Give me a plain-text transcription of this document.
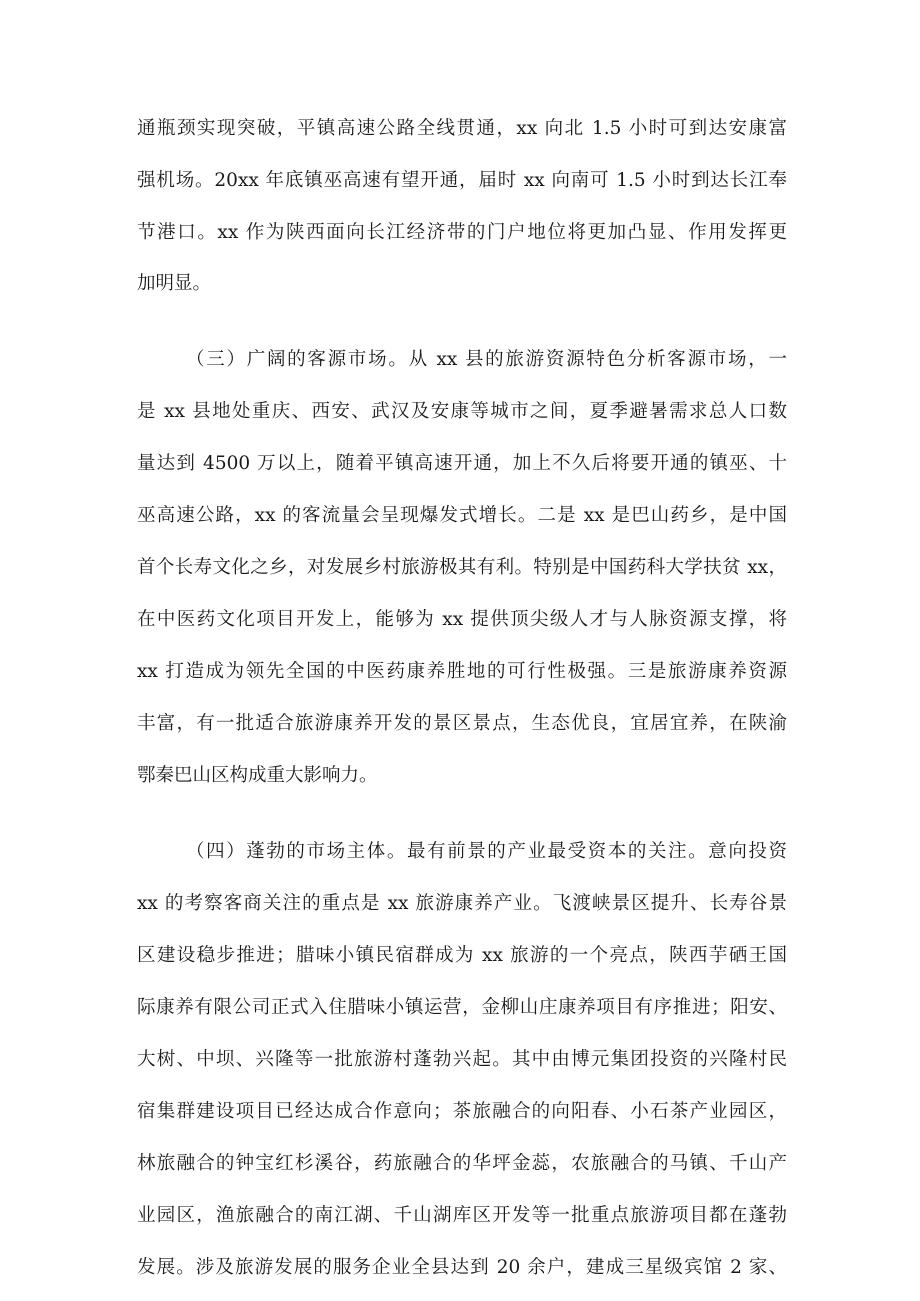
通瓶颈实现突破，平镇高速公路全线贯通，xx 向北 1.5 小时可到达安康富
强机场。20xx 年底镇巫高速有望开通，届时 xx 向南可 1.5 小时到达长江奉
节港口。xx 作为陕西面向长江经济带的门户地位将更加凸显、作用发挥更
加明显。
（三）广阔的客源市场。从 xx 县的旅游资源特色分析客源市场，一
是 xx 县地处重庆、西安、武汉及安康等城市之间，夏季避暑需求总人口数
量达到 4500 万以上，随着平镇高速开通，加上不久后将要开通的镇巫、十
巫高速公路，xx 的客流量会呈现爆发式增长。二是 xx 是巴山药乡，是中国
首个长寿文化之乡，对发展乡村旅游极其有利。特别是中国药科大学扶贫 xx，
在中医药文化项目开发上，能够为 xx 提供顶尖级人才与人脉资源支撑，将
xx 打造成为领先全国的中医药康养胜地的可行性极强。三是旅游康养资源
丰富，有一批适合旅游康养开发的景区景点，生态优良，宜居宜养，在陕渝
鄂秦巴山区构成重大影响力。
（四）蓬勃的市场主体。最有前景的产业最受资本的关注。意向投资
xx 的考察客商关注的重点是 xx 旅游康养产业。飞渡峡景区提升、长寿谷景
区建设稳步推进；腊味小镇民宿群成为 xx 旅游的一个亮点，陕西芋硒王国
际康养有限公司正式入住腊味小镇运营，金柳山庄康养项目有序推进；阳安、
大树、中坝、兴隆等一批旅游村蓬勃兴起。其中由博元集团投资的兴隆村民
宿集群建设项目已经达成合作意向；茶旅融合的向阳春、小石茶产业园区，
林旅融合的钟宝红杉溪谷，药旅融合的华坪金蕊，农旅融合的马镇、千山产
业园区，渔旅融合的南江湖、千山湖库区开发等一批重点旅游项目都在蓬勃
发展。涉及旅游发展的服务企业全县达到 20 余户，建成三星级宾馆 2 家、
